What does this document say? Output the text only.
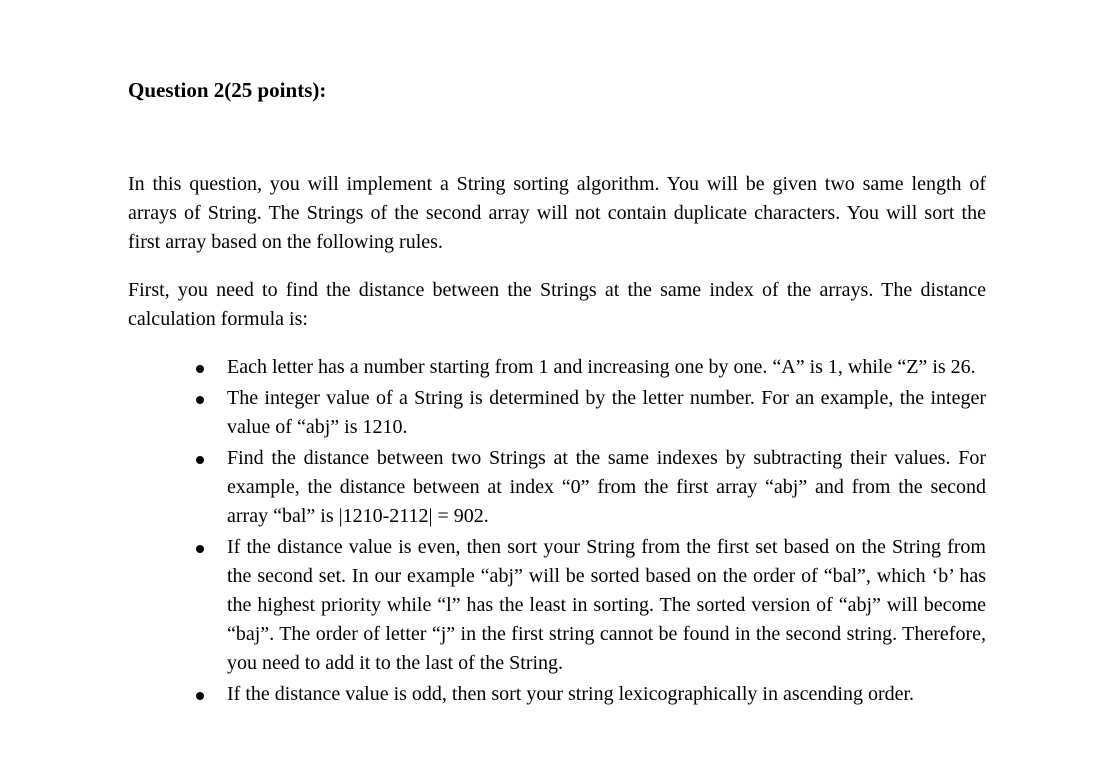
Question 2(25 points):

In this question, you will implement a String sorting algorithm. You will be given two same length of arrays of String. The Strings of the second array will not contain duplicate characters. You will sort the first array based on the following rules.

First, you need to find the distance between the Strings at the same index of the arrays. The distance calculation formula is:

Each letter has a number starting from 1 and increasing one by one. “A” is 1, while “Z” is 26.
The integer value of a String is determined by the letter number. For an example, the integer value of “abj” is 1210.
Find the distance between two Strings at the same indexes by subtracting their values. For example, the distance between at index “0” from the first array “abj” and from the second array “bal” is |1210-2112| = 902.
If the distance value is even, then sort your String from the first set based on the String from the second set. In our example “abj” will be sorted based on the order of “bal”, which ‘b’ has the highest priority while “l” has the least in sorting. The sorted version of “abj” will become “baj”. The order of letter “j” in the first string cannot be found in the second string. Therefore, you need to add it to the last of the String.
If the distance value is odd, then sort your string lexicographically in ascending order.
